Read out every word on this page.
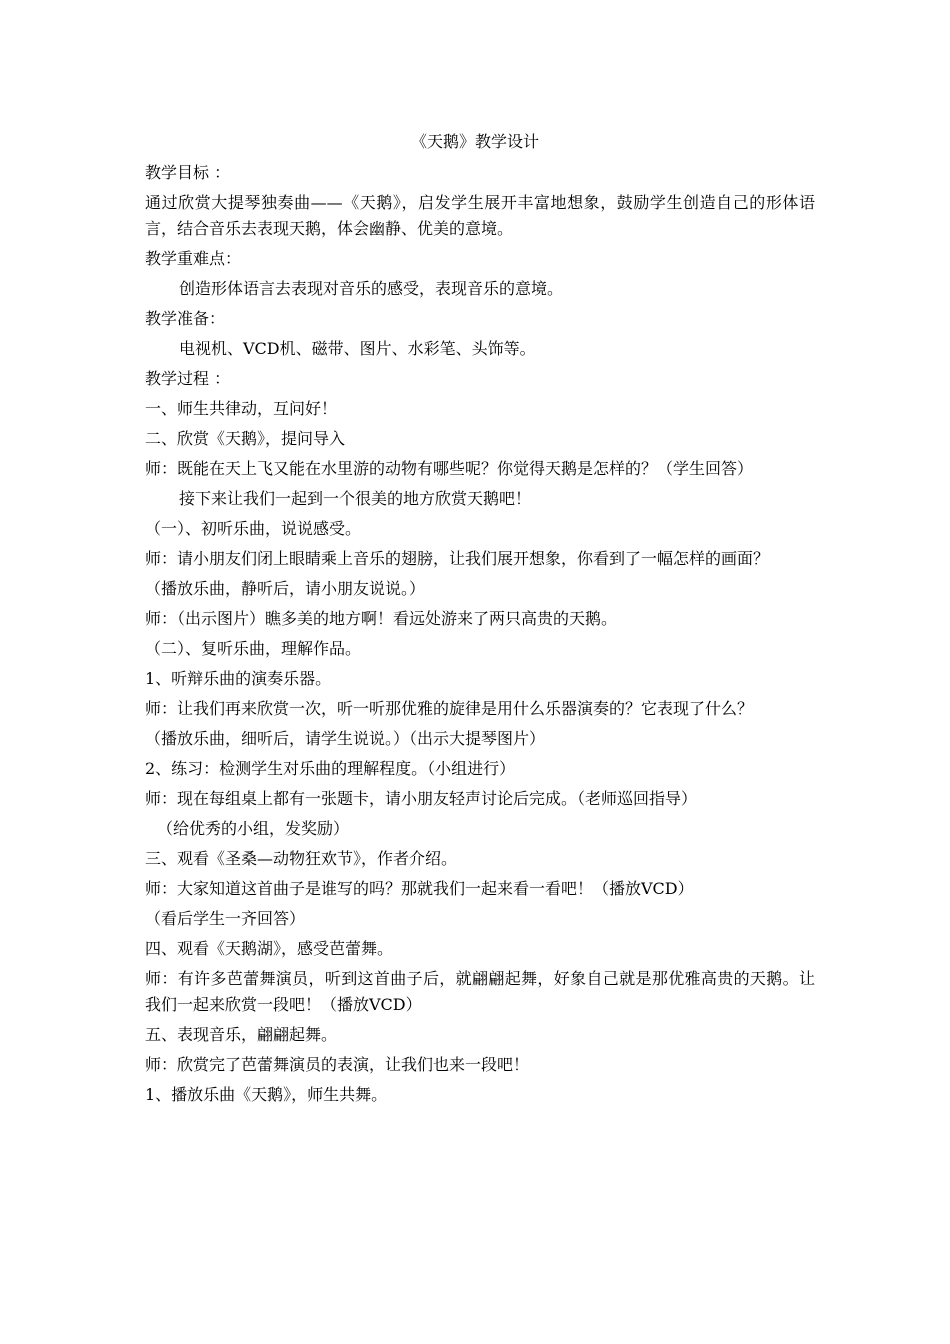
《天鹅》教学设计

教学目标 ：

通过欣赏大提琴独奏曲——《天鹅》，启发学生展开丰富地想象，鼓励学生创造自己的形体语言，结合音乐去表现天鹅，体会幽静、优美的意境。

教学重难点：

创造形体语言去表现对音乐的感受，表现音乐的意境。

教学准备：

电视机、VCD机、磁带、图片、水彩笔、头饰等。

教学过程 ：

一、师生共律动，互问好！

二、欣赏《天鹅》，提问导入

师：既能在天上飞又能在水里游的动物有哪些呢？你觉得天鹅是怎样的？（学生回答）

接下来让我们一起到一个很美的地方欣赏天鹅吧！

（一）、初听乐曲，说说感受。

师：请小朋友们闭上眼睛乘上音乐的翅膀，让我们展开想象，你看到了一幅怎样的画面？

（播放乐曲，静听后，请小朋友说说。）

师：（出示图片）瞧多美的地方啊！看远处游来了两只高贵的天鹅。

（二）、复听乐曲，理解作品。

1、听辩乐曲的演奏乐器。

师：让我们再来欣赏一次，听一听那优雅的旋律是用什么乐器演奏的？它表现了什么？

（播放乐曲，细听后，请学生说说。）（出示大提琴图片）

2、练习：检测学生对乐曲的理解程度。（小组进行）

师：现在每组桌上都有一张题卡，请小朋友轻声讨论后完成。（老师巡回指导）

（给优秀的小组，发奖励）

三、观看《圣桑—动物狂欢节》，作者介绍。

师：大家知道这首曲子是谁写的吗？那就我们一起来看一看吧！（播放VCD）

（看后学生一齐回答）

四、观看《天鹅湖》，感受芭蕾舞。

师：有许多芭蕾舞演员，听到这首曲子后，就翩翩起舞，好象自己就是那优雅高贵的天鹅。让我们一起来欣赏一段吧！（播放VCD）

五、表现音乐，翩翩起舞。

师：欣赏完了芭蕾舞演员的表演，让我们也来一段吧！

1、播放乐曲《天鹅》，师生共舞。
